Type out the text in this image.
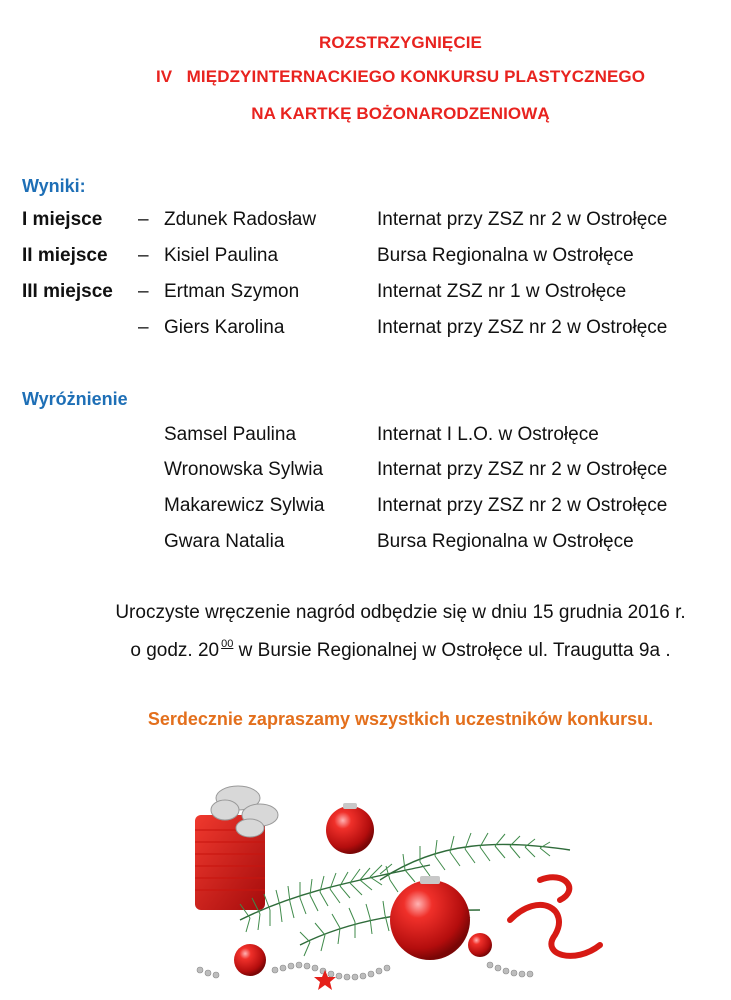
ROZSTRZYGNIĘCIE
IV   MIĘDZYINTERNACKIEGO KONKURSU PLASTYCZNEGO
NA KARTKĘ BOŻONARODZENIOWĄ
Wyniki:
I miejsce – Zdunek Radosław	Internat przy ZSZ nr 2 w Ostrołęce
II miejsce – Kisiel Paulina	Bursa Regionalna w Ostrołęce
III miejsce – Ertman Szymon	Internat ZSZ nr 1 w Ostrołęce
– Giers Karolina	Internat przy ZSZ nr 2 w Ostrołęce
Wyróżnienie
Samsel Paulina	Internat I L.O. w Ostrołęce
Wronowska Sylwia	Internat przy ZSZ nr 2 w Ostrołęce
Makarewicz Sylwia	Internat przy ZSZ nr 2 w Ostrołęce
Gwara Natalia	Bursa Regionalna w Ostrołęce
Uroczyste wręczenie nagród odbędzie się w dniu 15 grudnia 2016 r.
o godz. 20 $^{00}$ w Bursie Regionalnej w Ostrołęce ul. Traugutta 9a .
Serdecznie zapraszamy wszystkich uczestników konkursu.
